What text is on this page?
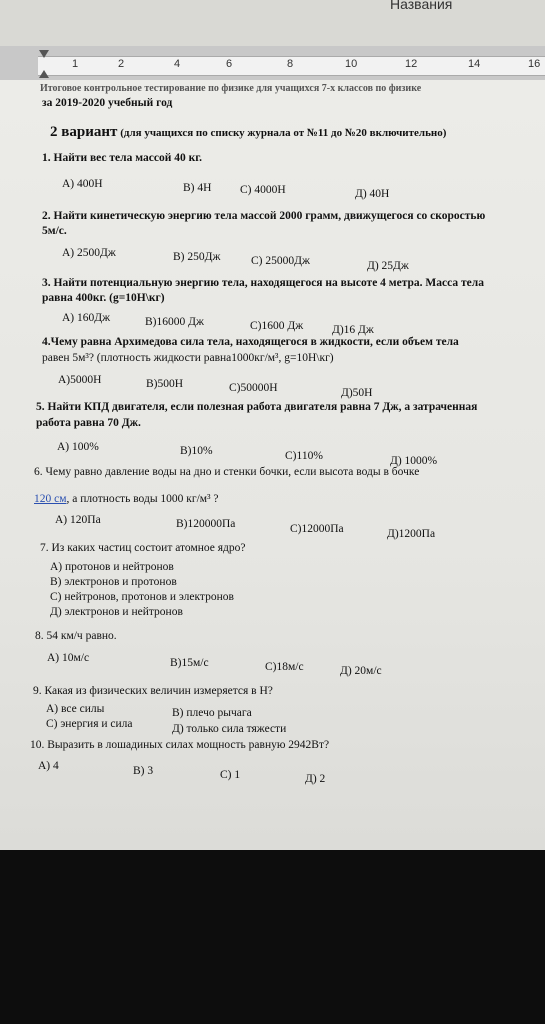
Названия
1	2	4	6	8	10	12	14	16
Итоговое контрольное тестирование по физике для учащихся 7-х классов по физике
за 2019-2020 учебный год
2 вариант (для учащихся по списку журнала от №11 до №20 включительно)
1. Найти вес тела массой 40 кг.
А) 400Н	В) 4Н С) 4000Н	Д) 40Н
2. Найти кинетическую энергию тела массой 2000 грамм, движущегося со скоростью
5м/с.
А) 2500Дж	В) 250Дж	С) 25000Дж	Д) 25Дж
3. Найти потенциальную энергию тела, находящегося на высоте 4 метра. Масса тела
равна 400кг. (g=10Н\кг)
А) 160Дж	В)16000 Дж	С)1600 Дж	Д)16 Дж
4.Чему равна Архимедова сила тела, находящегося в жидкости, если объем тела
равен 5м³? (плотность жидкости равна1000кг/м³, g=10Н\кг)
А)5000Н	В)500Н	С)50000Н	Д)50Н
5. Найти КПД двигателя, если полезная работа двигателя равна 7 Дж, а затраченная
работа равна 70 Дж.
А) 100%	В)10%	С)110%	Д) 1000%
6. Чему равно давление воды на дно и стенки бочки, если высота воды в бочке
120 см, а плотность воды 1000 кг/м³ ?
А) 120Па	В)120000Па	С)12000Па	Д)1200Па
7. Из каких частиц состоит атомное ядро?
А) протонов и нейтронов
В) электронов и протонов
С) нейтронов, протонов и электронов
Д) электронов и нейтронов
8. 54 км/ч равно.
А) 10м/с	В)15м/с	С)18м/с	Д) 20м/с
9. Какая из физических величин измеряется в Н?
А) все силы	В) плечо рычага
С) энергия и сила	Д) только сила тяжести
10. Выразить в лошадиных силах мощность равную 2942Вт?
А) 4	В) 3	С) 1	Д) 2
